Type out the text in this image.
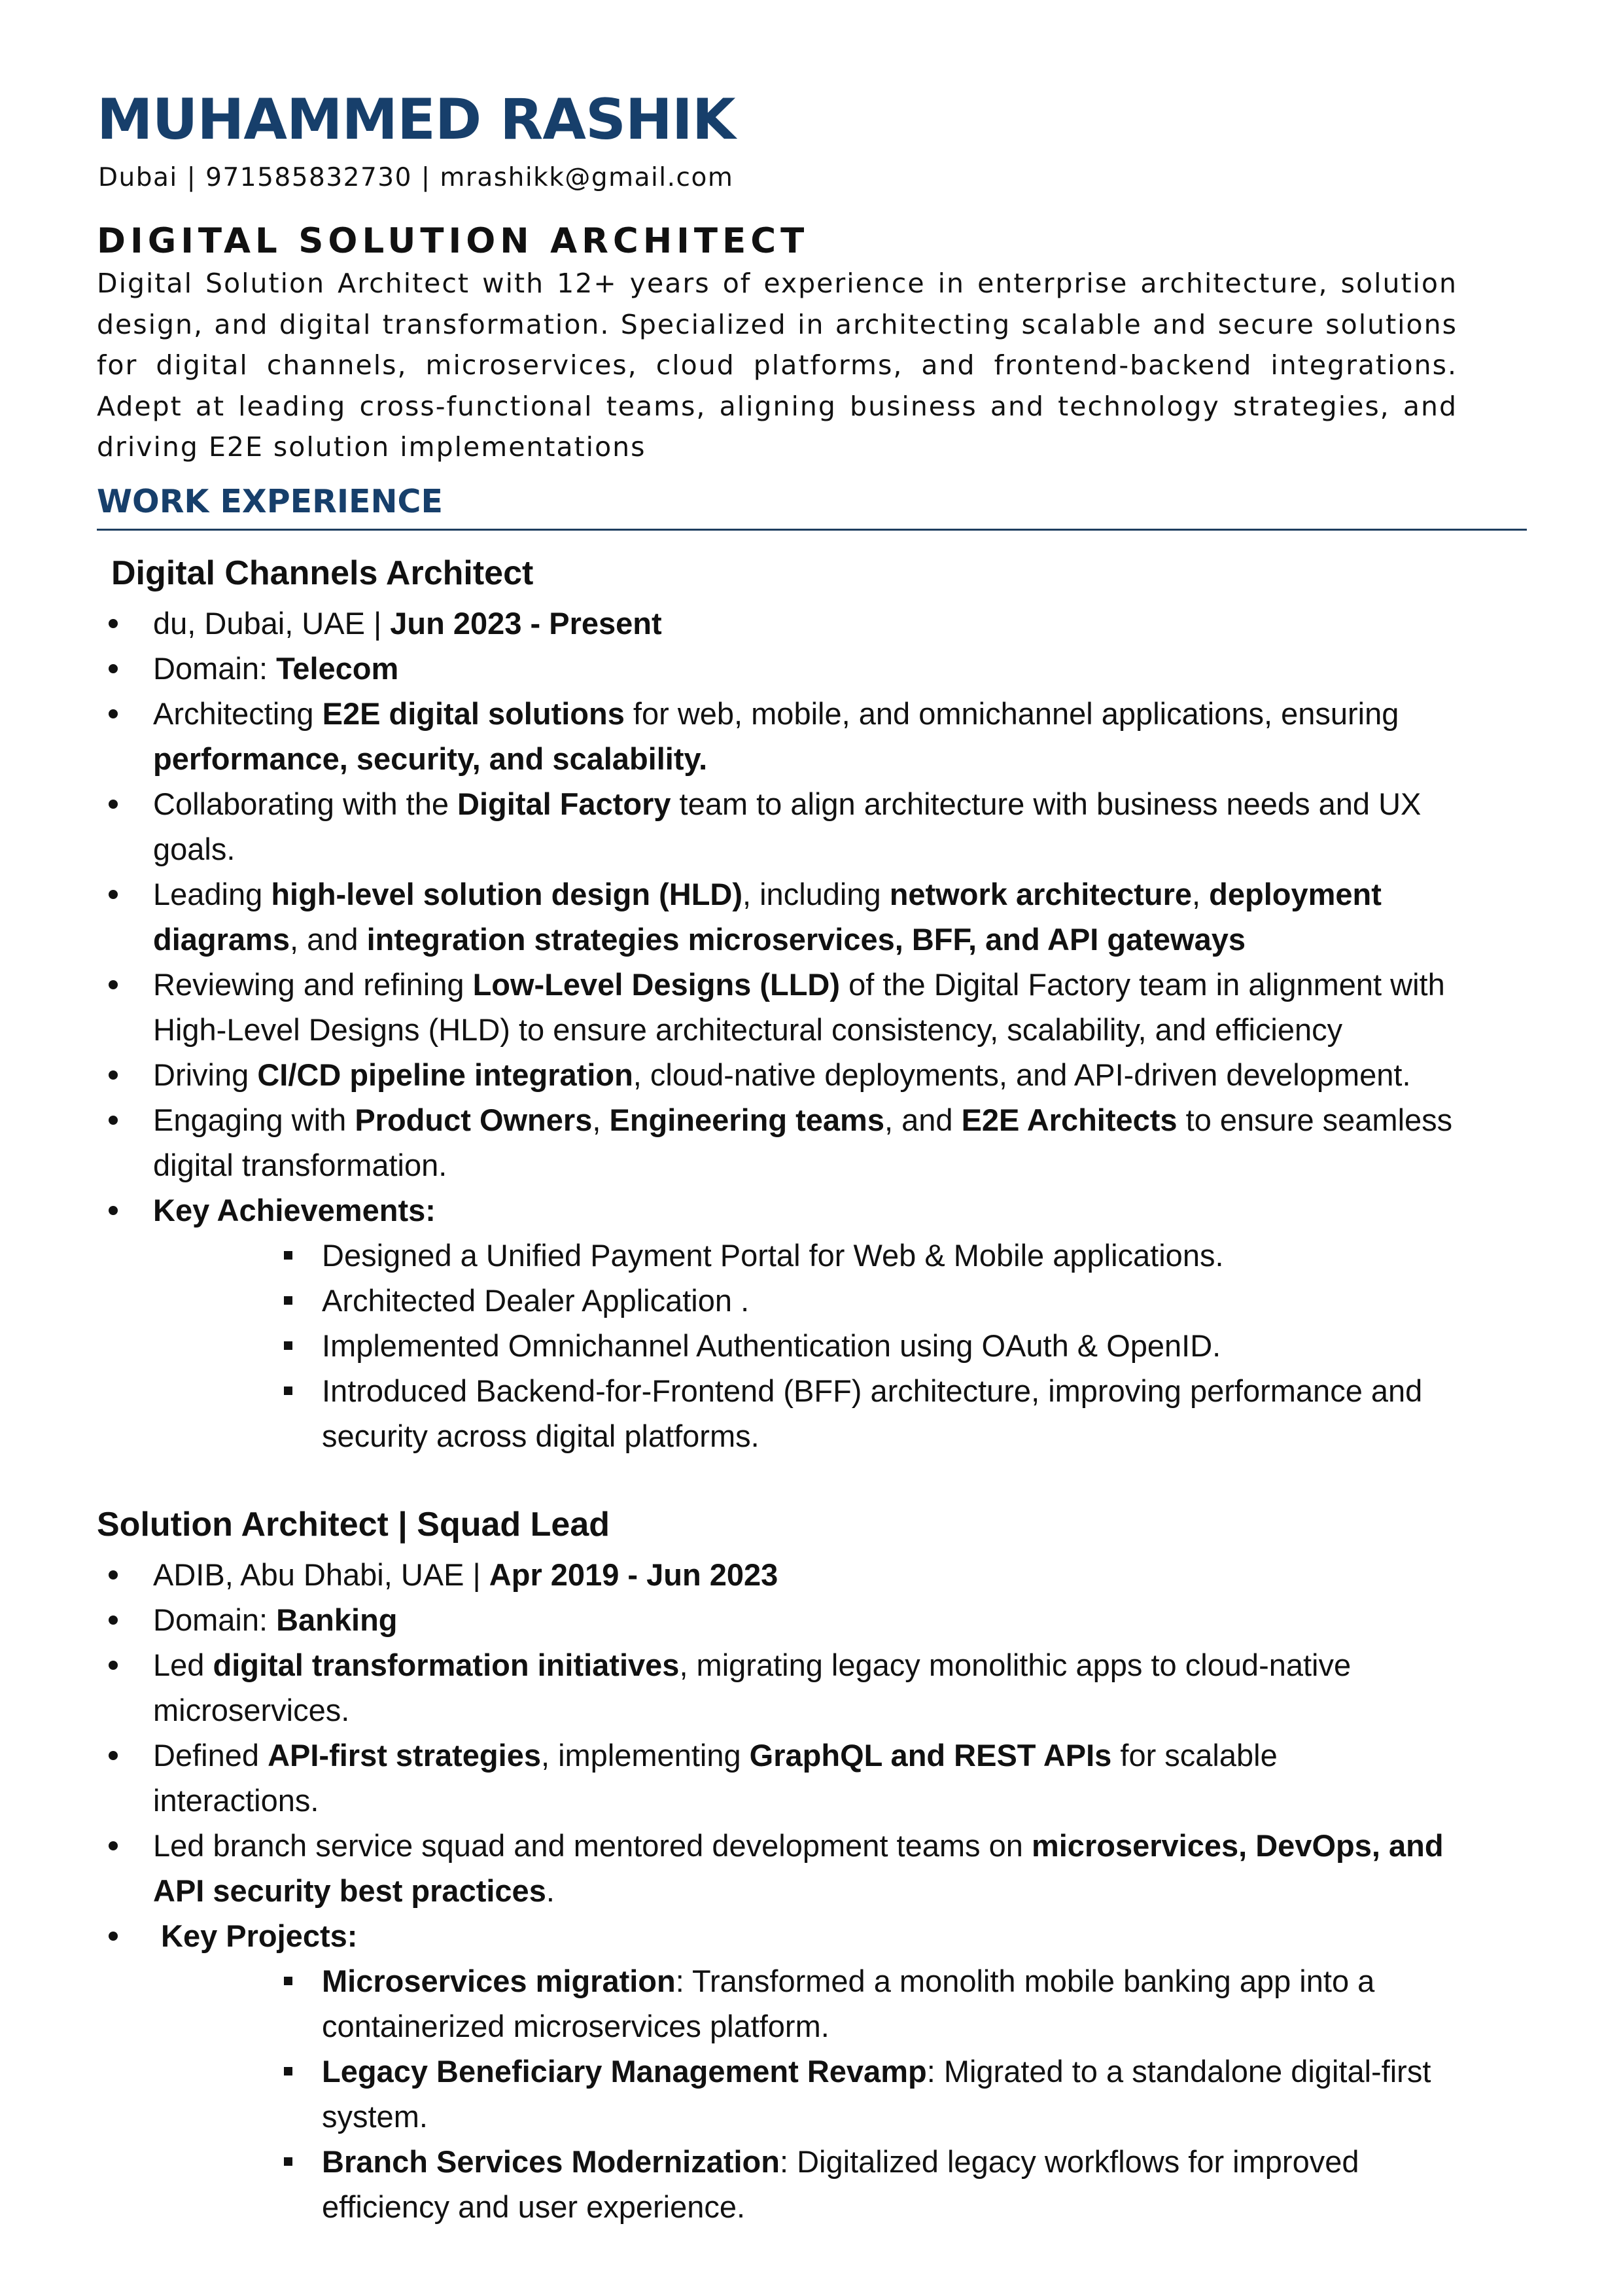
MUHAMMED RASHIK
Dubai | 971585832730 | mrashikk@gmail.com
DIGITAL SOLUTION ARCHITECT

Digital Solution Architect with 12+ years of experience in enterprise architecture, solution design, and digital transformation. Specialized in architecting scalable and secure solutions for digital channels, microservices, cloud platforms, and frontend-backend integrations. Adept at leading cross-functional teams, aligning business and technology strategies, and driving E2E solution implementations

WORK EXPERIENCE
Digital Channels Architect
du, Dubai, UAE | Jun 2023 - Present
Domain: Telecom
Architecting E2E digital solutions for web, mobile, and omnichannel applications, ensuring performance, security, and scalability.
Collaborating with the Digital Factory team to align architecture with business needs and UX goals.
Leading high-level solution design (HLD), including network architecture, deployment diagrams, and integration strategies microservices, BFF, and API gateways
Reviewing and refining Low-Level Designs (LLD) of the Digital Factory team in alignment with High-Level Designs (HLD) to ensure architectural consistency, scalability, and efficiency
Driving CI/CD pipeline integration, cloud-native deployments, and API-driven development.
Engaging with Product Owners, Engineering teams, and E2E Architects to ensure seamless digital transformation.
Key Achievements:
Designed a Unified Payment Portal for Web & Mobile applications.
Architected Dealer Application .
Implemented Omnichannel Authentication using OAuth & OpenID.
Introduced Backend-for-Frontend (BFF) architecture, improving performance and security across digital platforms.
Solution Architect | Squad Lead
ADIB, Abu Dhabi, UAE | Apr 2019 - Jun 2023
Domain: Banking
Led digital transformation initiatives, migrating legacy monolithic apps to cloud-native microservices.
Defined API-first strategies, implementing GraphQL and REST APIs for scalable interactions.
Led branch service squad and mentored development teams on microservices, DevOps, and API security best practices.
Key Projects:
Microservices migration: Transformed a monolith mobile banking app into a containerized microservices platform.
Legacy Beneficiary Management Revamp: Migrated to a standalone digital-first system.
Branch Services Modernization: Digitalized legacy workflows for improved efficiency and user experience.
